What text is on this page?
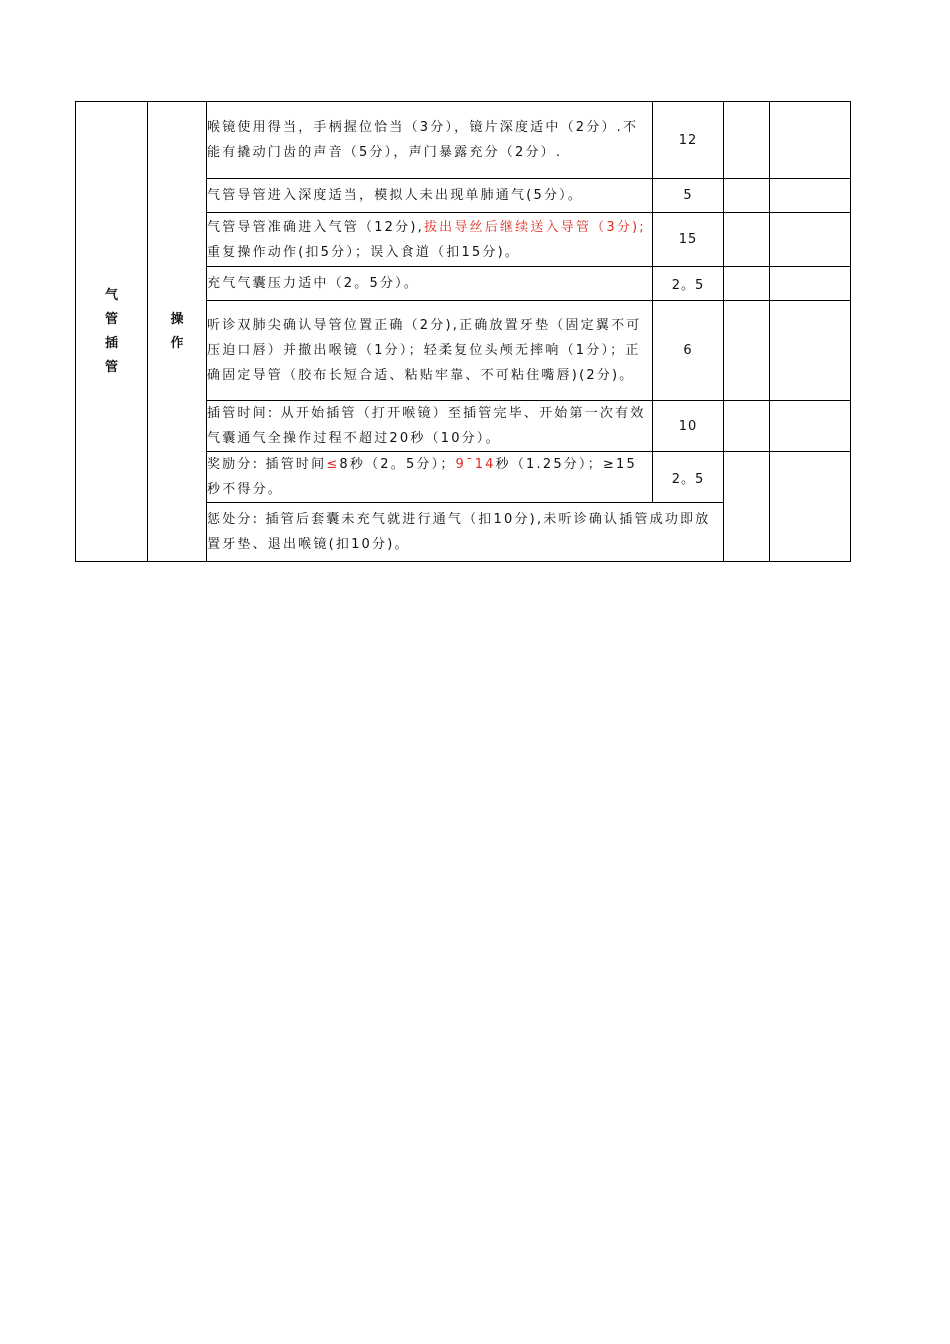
气管插管	操作	喉镜使用得当，手柄握位恰当（3分），镜片深度适中（2分）.不能有撬动门齿的声音（5分），声门暴露充分（2分）.	12		
		气管导管进入深度适当，模拟人未出现单肺通气(5分）。	5		
		气管导管准确进入气管（12分),拔出导丝后继续送入导管（3分);重复操作动作(扣5分）；误入食道（扣15分)。	15		
		充气气囊压力适中（2。5分）。	2。5		
		听诊双肺尖确认导管位置正确（2分),正确放置牙垫（固定翼不可压迫口唇）并撤出喉镜（1分）；轻柔复位头颅无摔响（1分）；正确固定导管（胶布长短合适、粘贴牢靠、不可粘住嘴唇)(2分)。	6		
		插管时间: 从开始插管（打开喉镜）至插管完毕、开始第一次有效气囊通气全操作过程不超过20秒（10分）。	10		
		奖励分: 插管时间≤8秒（2。5分）；9¯14秒（1.25分）；≥15秒不得分。	2。5		
		惩处分: 插管后套囊未充气就进行通气（扣10分),未听诊确认插管成功即放置牙垫、退出喉镜(扣10分)。			
